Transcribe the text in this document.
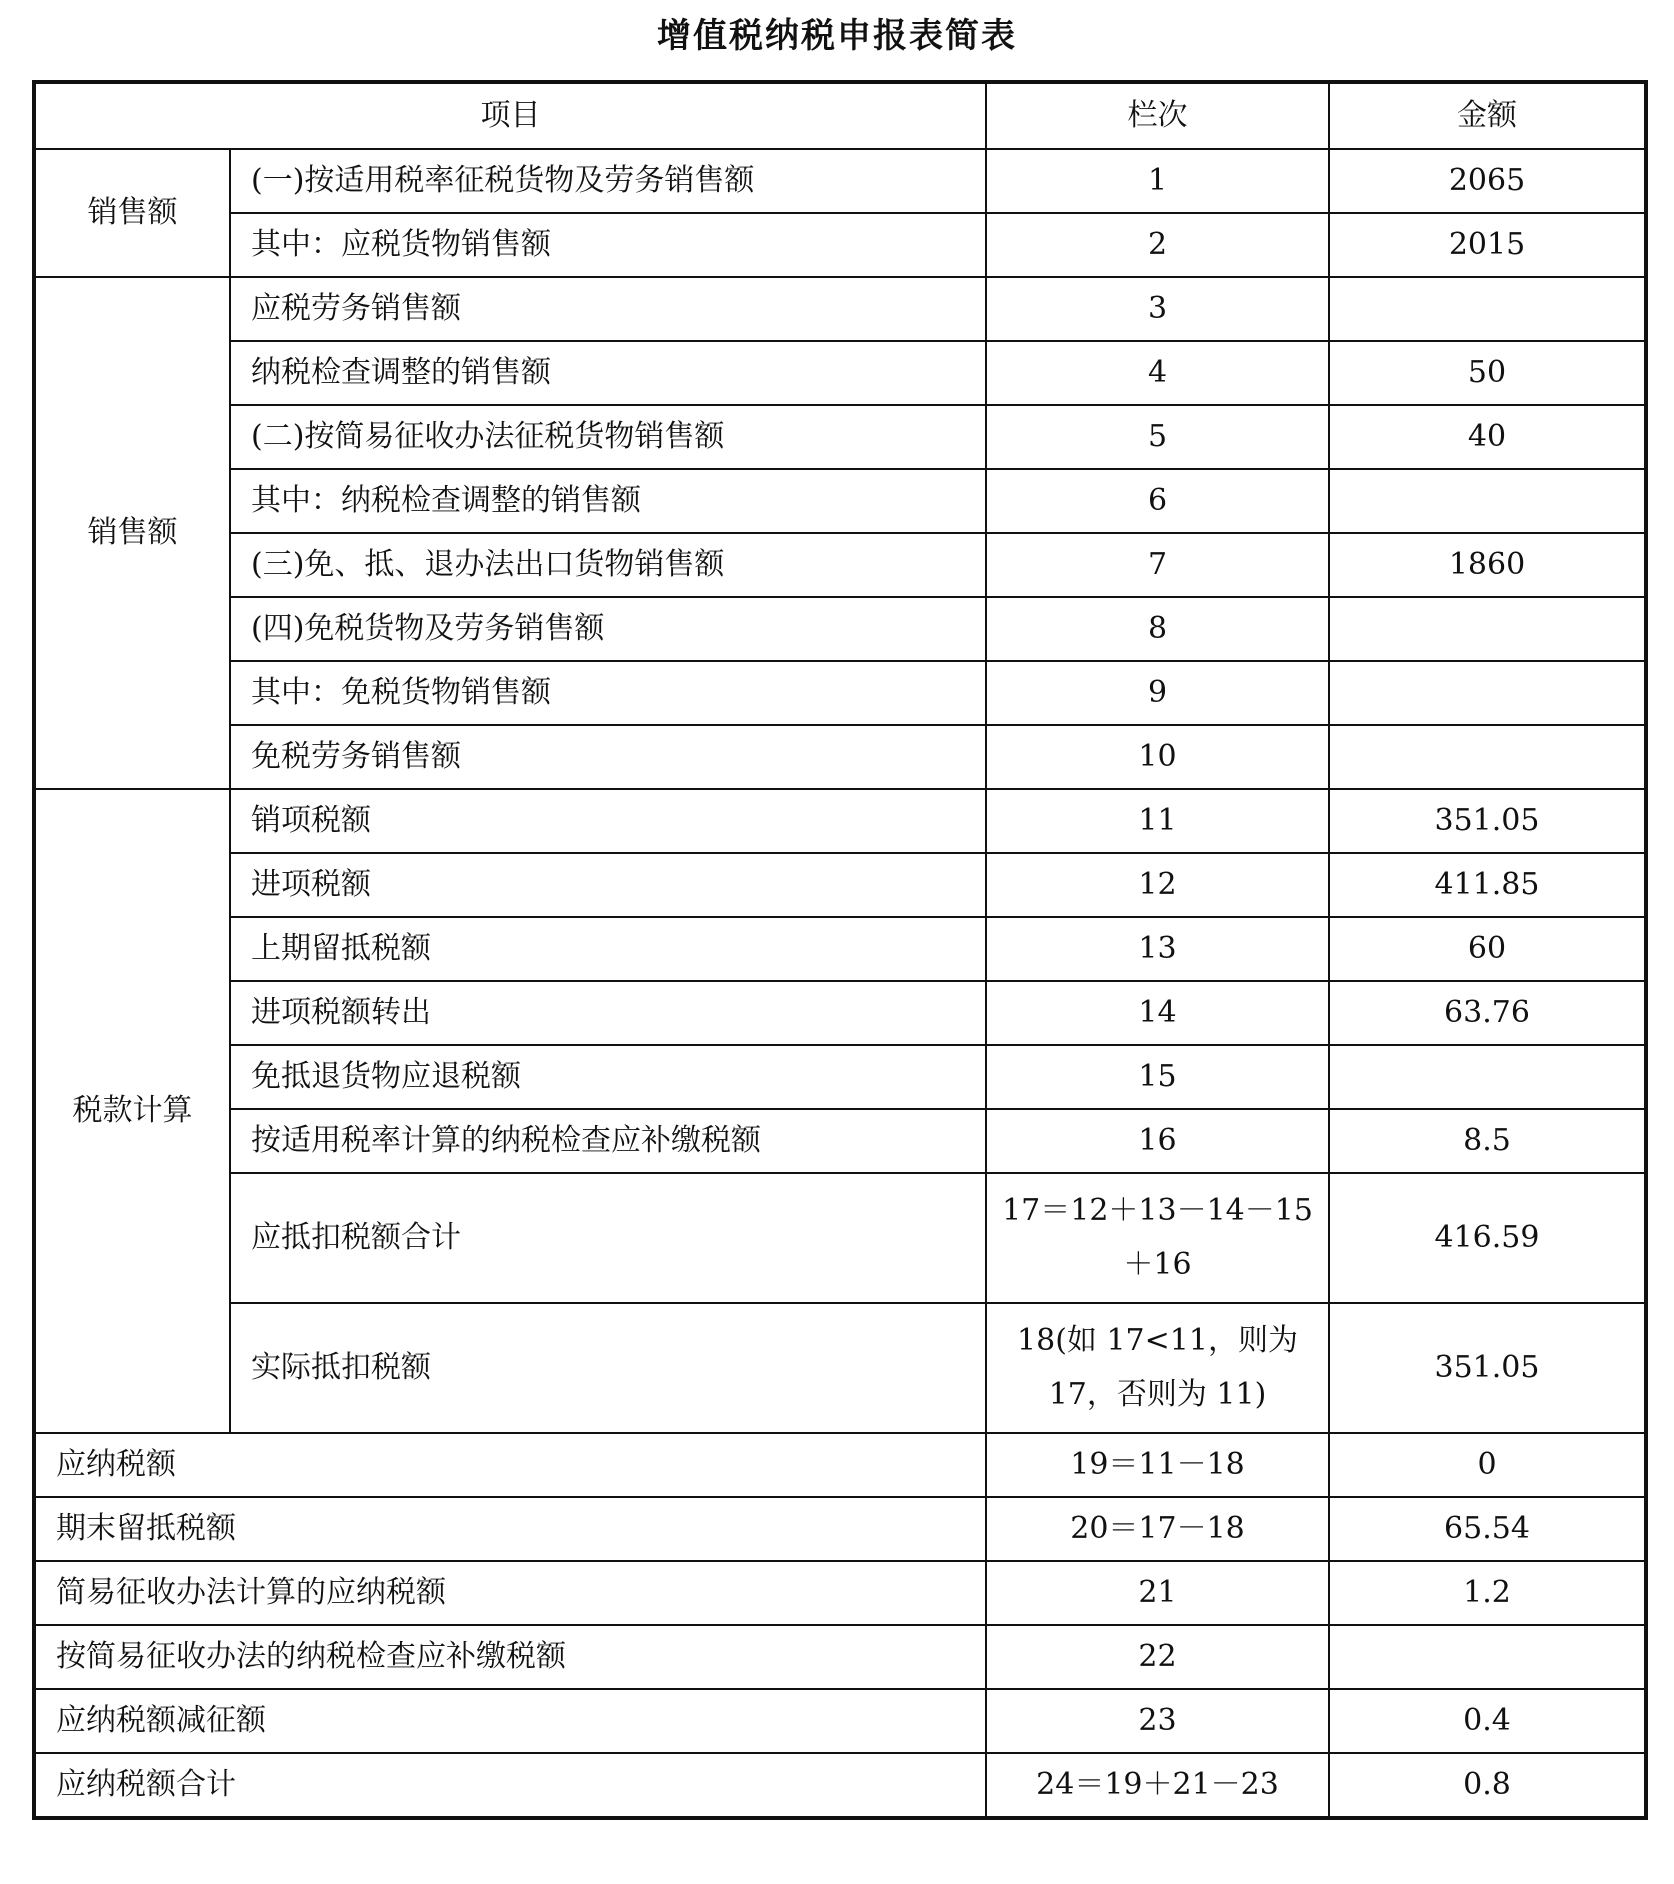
增值税纳税申报表简表
项目		栏次	金额
销售额	(一)按适用税率征税货物及劳务销售额	1	2065
	其中：应税货物销售额	2	2015
销售额	应税劳务销售额	3	
	纳税检查调整的销售额	4	50
	(二)按简易征收办法征税货物销售额	5	40
	其中：纳税检查调整的销售额	6	
	(三)免、抵、退办法出口货物销售额	7	1860
	(四)免税货物及劳务销售额	8	
	其中：免税货物销售额	9	
	免税劳务销售额	10	
税款计算	销项税额	11	351.05
	进项税额	12	411.85
	上期留抵税额	13	60
	进项税额转出	14	63.76
	免抵退货物应退税额	15	
	按适用税率计算的纳税检查应补缴税额	16	8.5
	应抵扣税额合计	17＝12＋13－14－15＋16	416.59
	实际抵扣税额	18(如 17<11，则为 17，否则为 11)	351.05
应纳税额		19＝11－18	0
期末留抵税额		20＝17－18	65.54
简易征收办法计算的应纳税额		21	1.2
按简易征收办法的纳税检查应补缴税额		22	
应纳税额减征额		23	0.4
应纳税额合计		24＝19＋21－23	0.8
